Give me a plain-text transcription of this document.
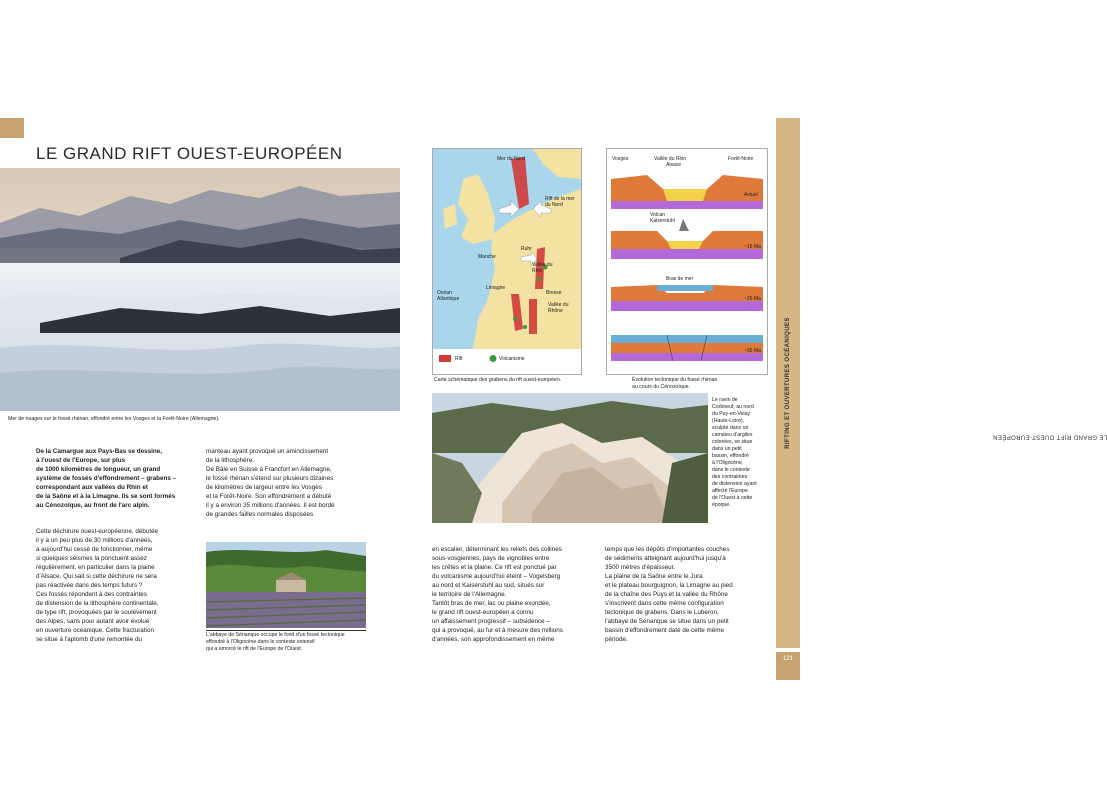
LE GRAND RIFT OUEST-EUROPÉEN
Mer de nuages sur le fossé rhénan, effondré entre les Vosges et la Forêt-Noire (Allemagne).
De la Camargue aux Pays-Bas se dessine,
à l'ouest de l'Europe, sur plus
de 1000 kilomètres de longueur, un grand
système de fossés d'effondrement – grabens –
correspondant aux vallées du Rhin et
de la Saône et à la Limagne. Ils se sont formés
au Cénozoïque, au front de l'arc alpin.
Cette déchirure ouest-européenne, débutée
il y a un peu plus de 30 millions d'années,
a aujourd'hui cessé de fonctionner, même
si quelques séismes la ponctuent assez
régulièrement, en particulier dans la plaine
d'Alsace. Qui sait si cette déchirure ne sera
pas réactivée dans des temps futurs ?
Ces fossés répondent à des contraintes
de distension de la lithosphère continentale,
de type rift, provoquées par le soulèvement
des Alpes, sans pour autant avoir évolué
en ouverture océanique. Cette fracturation
se situe à l'aplomb d'une remontée du
manteau ayant provoqué un amincissement
de la lithosphère.
De Bâle en Suisse à Francfort en Allemagne,
le fossé rhénan s'étend sur plusieurs dizaines
de kilomètres de largeur entre les Vosges
et la Forêt-Noire. Son effondrement a débuté
il y a environ 35 millions d'années. Il est bordé
de grandes failles normales disposées
L'abbaye de Sénanque occupe le fond d'un fossé tectonique
effondré à l'Oligocène dans le contexte extensif
qui a amorcé le rift de l'Europe de l'Ouest.
Mer du Nord
Rift de la mer du Nord
Manche
Ruhr
Vallée du Rhin
Océan Atlantique
Limagne
Bresse
Vallée du Rhône
Rift	Volcanisme
Carte schématique des grabens du rift ouest-européen.
Vosges	Vallée du Rhin
Alsace
Forêt-Noire
Actuel
Volcan Kaiserstuhl
~15 Ma
Bras de mer
~25 Ma
~35 Ma
Évolution tectonique du fossé rhénan
au cours du Cénozoïque.
Le ravin de
Corboeuf, au nord
du Puy-en-Velay
(Haute-Loire),
sculpté dans un
camaïeu d'argiles
colorées, se situe
dans un petit
bassin, effondré
à l'Oligocène,
dans le contexte
des contraintes
de distension ayant
affecté l'Europe
de l'Ouest à cette
époque.
en escalier, déterminant les reliefs des collines
sous-vosgiennes, pays de vignobles entre
les crêtes et la plaine. Ce rift est ponctué par
du volcanisme aujourd'hui éteint – Vogelsberg
au nord et Kaiserstuhl au sud, situés sur
le territoire de l'Allemagne.
Tantôt bras de mer, lac ou plaine exondée,
le grand rift ouest-européen a connu
un affaissement progressif – subsidence –
qui a provoqué, au fur et à mesure des millions
d'années, son approfondissement en même
temps que les dépôts d'importantes couches
de sédiments atteignant aujourd'hui jusqu'à
3500 mètres d'épaisseur.
La plaine de la Saône entre le Jura
et le plateau bourguignon, la Limagne au pied
de la chaîne des Puys et la vallée du Rhône
s'inscrivent dans cette même configuration
tectonique de grabens. Dans le Luberon,
l'abbaye de Sénanque se situe dans un petit
bassin d'effondrement daté de cette même
période.
LE GRAND RIFT OUEST-EUROPÉEN
RIFTING ET OUVERTURES OCÉANIQUES
121
